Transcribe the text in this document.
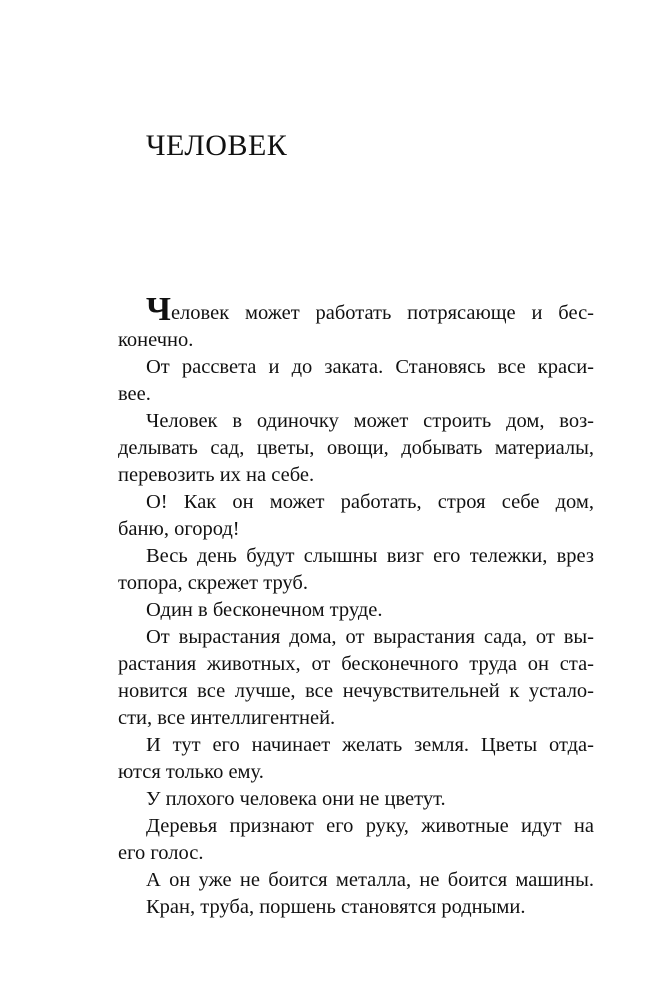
ЧЕЛОВЕК
Человек может работать потрясающе и бес-
конечно.
От рассвета и до заката. Становясь все краси-
вее.
Человек в одиночку может строить дом, воз-
делывать сад, цветы, овощи, добывать материалы,
перевозить их на себе.
О! Как он может работать, строя себе дом,
баню, огород!
Весь день будут слышны визг его тележки, врез
топора, скрежет труб.
Один в бесконечном труде.
От вырастания дома, от вырастания сада, от вы-
растания животных, от бесконечного труда он ста-
новится все лучше, все нечувствительней к устало-
сти, все интеллигентней.
И тут его начинает желать земля. Цветы отда-
ются только ему.
У плохого человека они не цветут.
Деревья признают его руку, животные идут на
его голос.
А он уже не боится металла, не боится машины.
Кран, труба, поршень становятся родными.
